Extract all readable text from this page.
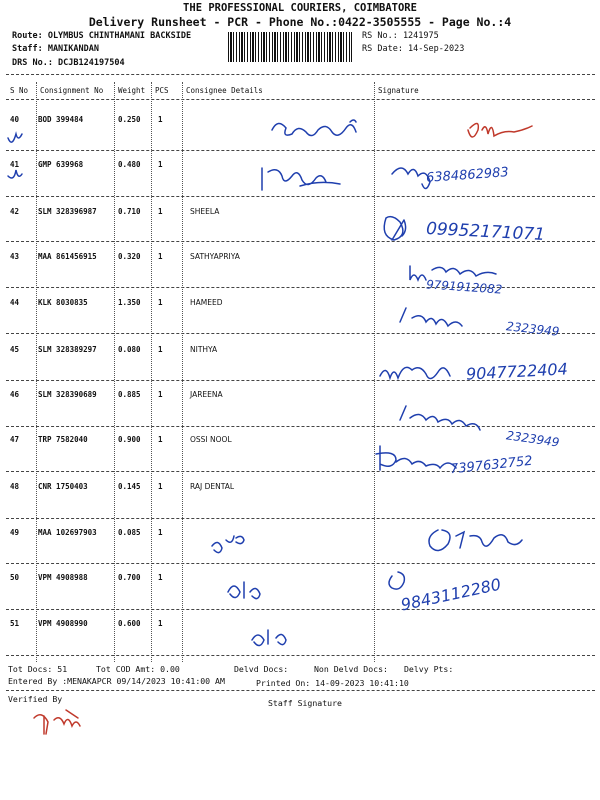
THE PROFESSIONAL COURIERS, COIMBATORE
Delivery Runsheet - PCR - Phone No.:0422-3505555 - Page No.:4
Route: OLYMBUS CHINTHAMANI BACKSIDE
Staff: MANIKANDAN
DRS No.: DCJB124197504
RS No.: 1241975
RS Date: 14-Sep-2023
S No Consignment No Weight PCS Consignee Details	Signature
40	BOD 399484	0.250 1
41	GMP 639968	0.480 1
42	SLM 328396987	0.710 1	SHEELA
43	MAA 861456915	0.320 1	SATHYAPRIYA
44	KLK 8030835	1.350 1	HAMEED
45	SLM 328389297	0.080 1	NITHYA
46	SLM 328390689	0.885 1	JAREENA
47	TRP 7582040	0.900 1	OSSI NOOL
48	CNR 1750403	0.145 1	RAJ DENTAL
49	MAA 102697903	0.085 1
50	VPM 4908988	0.700 1
51	VPM 4908990	0.600 1
6384862983
09952171071
9791912082
2323949
9047722404
2323949
7397632752
9843112280
Tot Docs: 51	Tot COD Amt: 0.00	Delvd Docs:	Non Delvd Docs: Delvy Pts:
Entered By :MENAKAPCR 09/14/2023 10:41:00 AM	Printed On: 14-09-2023 10:41:10
Verified By	Staff Signature
